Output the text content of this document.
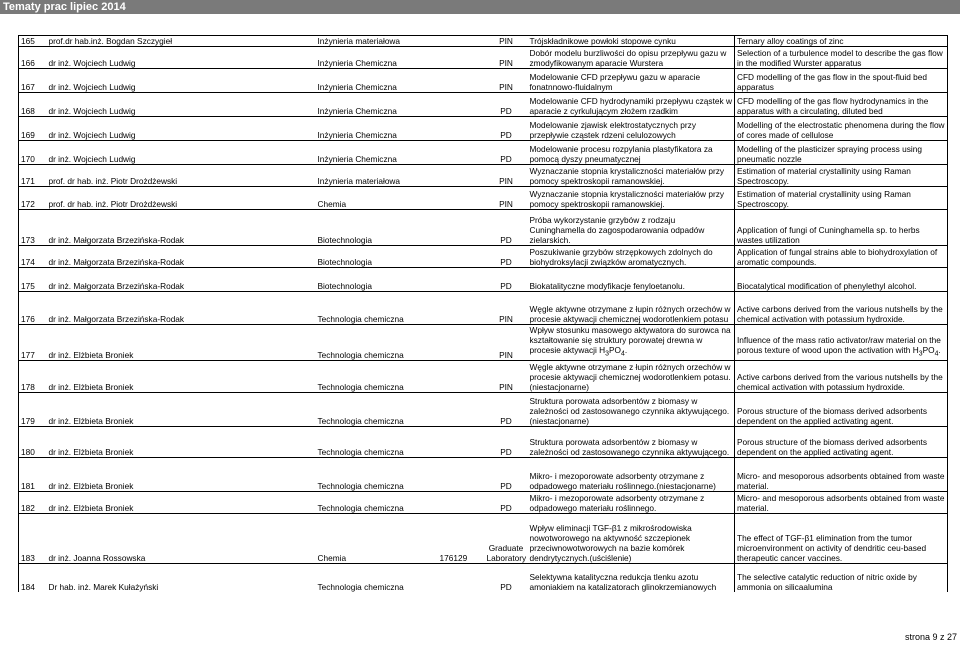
Tematy prac lipiec 2014
165	prof.dr hab.inż. Bogdan Szczygieł	Inżynieria materiałowa		PIN	Trójskładnikowe powłoki stopowe cynku	Ternary alloy coatings of zinc
166	dr inż. Wojciech Ludwig	Inżynieria Chemiczna		PIN	Dobór modelu burzliwości do opisu przepływu gazu w zmodyfikowanym aparacie Wurstera	Selection of a turbulence model to describe the gas flow in the modified Wurster apparatus
167	dr inż. Wojciech Ludwig	Inżynieria Chemiczna		PIN	Modelowanie CFD przepływu gazu w aparacie fonatnnowo-fluidalnym	CFD modelling of the gas flow in the spout-fluid bed apparatus
168	dr inż. Wojciech Ludwig	Inżynieria Chemiczna		PD	Modelowanie CFD hydrodynamiki przepływu cząstek w aparacie z cyrkulującym złożem rzadkim	CFD modelling of the gas flow hydrodynamics in the apparatus with a circulating, diluted bed
169	dr inż. Wojciech Ludwig	Inżynieria Chemiczna		PD	Modelowanie zjawisk elektrostatycznych przy przepływie cząstek rdzeni celulozowych	Modelling of the electrostatic phenomena during the flow of cores made of cellulose
170	dr inż. Wojciech Ludwig	Inżynieria Chemiczna		PD	Modelowanie procesu rozpylania plastyfikatora za pomocą dyszy pneumatycznej	Modelling of the plasticizer spraying process using pneumatic nozzle
171	prof. dr hab. inż. Piotr Drożdżewski	Inżynieria materiałowa		PIN	Wyznaczanie stopnia krystaliczności materiałów przy pomocy spektroskopii ramanowskiej.	Estimation of material crystallinity using Raman Spectroscopy.
172	prof. dr hab. inż. Piotr Drożdżewski	Chemia		PIN	Wyznaczanie stopnia krystaliczności materiałów przy pomocy spektroskopii ramanowskiej.	Estimation of material crystallinity using Raman Spectroscopy.
173	dr inż. Małgorzata Brzezińska-Rodak	Biotechnologia		PD	Próba wykorzystanie grzybów z rodzaju Cuninghamella do zagospodarowania odpadów zielarskich.	Application of fungi of Cuninghamella sp. to herbs wastes utilization
174	dr inż. Małgorzata Brzezińska-Rodak	Biotechnologia		PD	Poszukiwanie grzybów strzępkowych zdolnych do biohydroksylacji związków aromatycznych.	Application of fungal strains able to biohydroxylation of aromatic compounds.
175	dr inż. Małgorzata Brzezińska-Rodak	Biotechnologia		PD	Biokatalityczne modyfikacje fenyloetanolu.	Biocatalytical modification of phenylethyl alcohol.
176	dr inż. Małgorzata Brzezińska-Rodak	Technologia chemiczna		PIN	Węgle aktywne otrzymane z łupin różnych orzechów w procesie aktywacji chemicznej wodorotlenkiem potasu	Active carbons derived from the various nutshells by the chemical activation with potassium hydroxide.
177	dr inż. Elżbieta Broniek	Technologia chemiczna		PIN	Wpływ stosunku masowego aktywatora do surowca na kształtowanie się struktury porowatej drewna w procesie aktywacji $H_3PO_4$.	Influence of the mass ratio activator/raw material on the porous texture of wood upon the activation with $H_3PO_4$.
178	dr inż. Elżbieta Broniek	Technologia chemiczna		PIN	Węgle aktywne otrzymane z łupin różnych orzechów w procesie aktywacji chemicznej wodorotlenkiem potasu.(niestacjonarne)	Active carbons derived from the various nutshells by the chemical activation with potassium hydroxide.
179	dr inż. Elżbieta Broniek	Technologia chemiczna		PD	Struktura porowata adsorbentów z biomasy w zależności od zastosowanego czynnika aktywującego.(niestacjonarne)	Porous structure of the biomass derived adsorbents dependent on the applied activating agent.
180	dr inż. Elżbieta Broniek	Technologia chemiczna		PD	Struktura porowata adsorbentów z biomasy w zależności od zastosowanego czynnika aktywującego.	Porous structure of the biomass derived adsorbents dependent on the applied activating agent.
181	dr inż. Elżbieta Broniek	Technologia chemiczna		PD	Mikro- i mezoporowate adsorbenty otrzymane z odpadowego materiału roślinnego.(niestacjonarne)	Micro- and mesoporous adsorbents obtained from waste material.
182	dr inż. Elżbieta Broniek	Technologia chemiczna		PD	Mikro- i mezoporowate adsorbenty otrzymane z odpadowego materiału roślinnego.	Micro- and mesoporous adsorbents obtained from waste material.
183	dr inż. Joanna Rossowska	Chemia	176129	Graduate Laboratory	Wpływ eliminacji TGF-β1 z mikrośrodowiska nowotworowego na aktywność szczepionek przeciwnowotworowych na bazie komórek dendrytycznych.(uściślenie)	The effect of TGF-β1 elimination from the tumor microenvironment on activity of dendritic ceu-based therapeutic cancer vaccines.
184	Dr hab. inż. Marek Kułażyński	Technologia chemiczna		PD	Selektywna katalityczna redukcja tlenku azotu amoniakiem na katalizatorach glinokrzemianowych	The selective catalytic reduction of nitric oxide by ammonia on silicaalumina
strona 9 z 27
